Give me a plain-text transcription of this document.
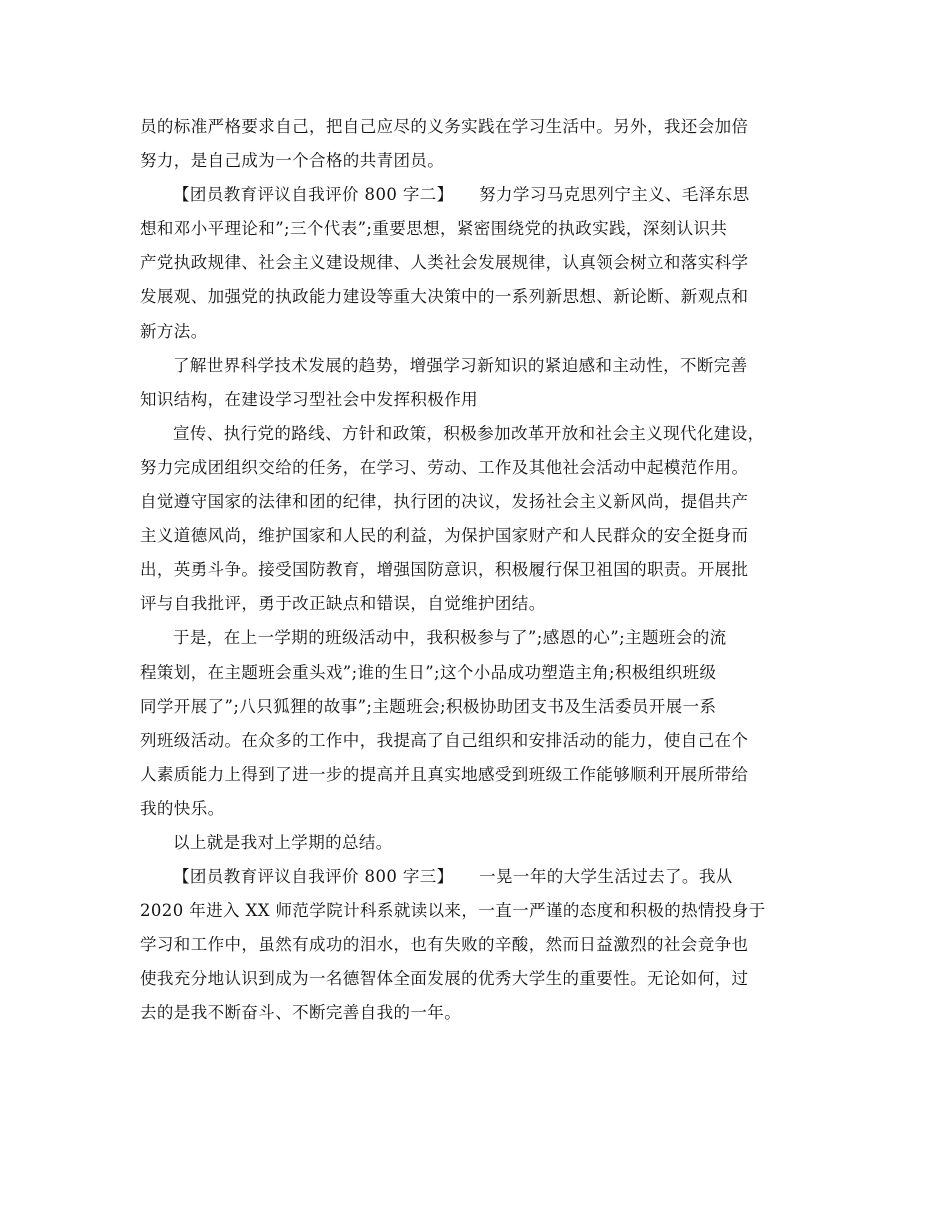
员的标准严格要求自己，把自己应尽的义务实践在学习生活中。另外，我还会加倍
努力，是自己成为一个合格的共青团员。

【团员教育评议自我评价 800 字二】　　努力学习马克思列宁主义、毛泽东思
想和邓小平理论和”;三个代表”;重要思想，紧密围绕党的执政实践，深刻认识共
产党执政规律、社会主义建设规律、人类社会发展规律，认真领会树立和落实科学
发展观、加强党的执政能力建设等重大决策中的一系列新思想、新论断、新观点和
新方法。

了解世界科学技术发展的趋势，增强学习新知识的紧迫感和主动性，不断完善
知识结构，在建设学习型社会中发挥积极作用

宣传、执行党的路线、方针和政策，积极参加改革开放和社会主义现代化建设，
努力完成团组织交给的任务，在学习、劳动、工作及其他社会活动中起模范作用。
自觉遵守国家的法律和团的纪律，执行团的决议，发扬社会主义新风尚，提倡共产
主义道德风尚，维护国家和人民的利益，为保护国家财产和人民群众的安全挺身而
出，英勇斗争。接受国防教育，增强国防意识，积极履行保卫祖国的职责。开展批
评与自我批评，勇于改正缺点和错误，自觉维护团结。

于是，在上一学期的班级活动中，我积极参与了”;感恩的心”;主题班会的流
程策划，在主题班会重头戏”;谁的生日”;这个小品成功塑造主角;积极组织班级
同学开展了”;八只狐狸的故事”;主题班会;积极协助团支书及生活委员开展一系
列班级活动。在众多的工作中，我提高了自己组织和安排活动的能力，使自己在个
人素质能力上得到了进一步的提高并且真实地感受到班级工作能够顺利开展所带给
我的快乐。

以上就是我对上学期的总结。

【团员教育评议自我评价 800 字三】　　一晃一年的大学生活过去了。我从
2020 年进入 XX 师范学院计科系就读以来，一直一严谨的态度和积极的热情投身于
学习和工作中，虽然有成功的泪水，也有失败的辛酸，然而日益激烈的社会竞争也
使我充分地认识到成为一名德智体全面发展的优秀大学生的重要性。无论如何，过
去的是我不断奋斗、不断完善自我的一年。
